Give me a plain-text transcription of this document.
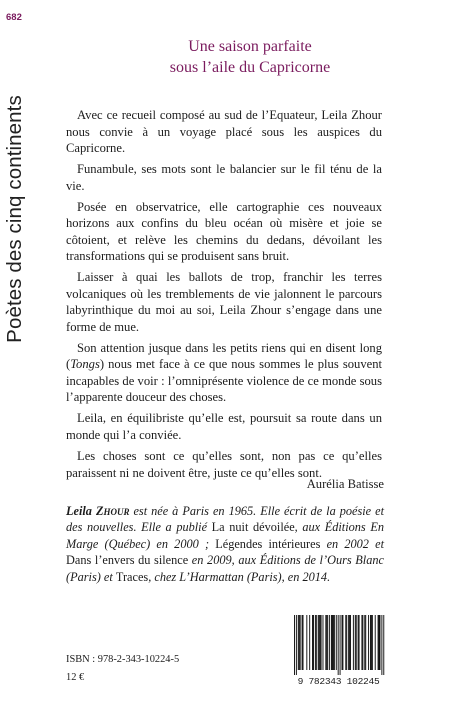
682
Poètes des cinq continents
Une saison parfaite
sous l’aile du Capricorne

Avec ce recueil composé au sud de l’Equateur, Leila Zhour nous convie à un voyage placé sous les auspices du Capricorne.

Funambule, ses mots sont le balancier sur le fil ténu de la vie.

Posée en observatrice, elle cartographie ces nouveaux horizons aux confins du bleu océan où misère et joie se côtoient, et relève les chemins du dedans, dévoilant les transformations qui se produisent sans bruit.

Laisser à quai les ballots de trop, franchir les terres volcaniques où les tremblements de vie jalonnent le parcours labyrinthique du moi au soi, Leila Zhour s’engage dans une forme de mue.

Son attention jusque dans les petits riens qui en disent long (Tongs) nous met face à ce que nous sommes le plus souvent incapables de voir : l’omniprésente violence de ce monde sous l’apparente douceur des choses.

Leila, en équilibriste qu’elle est, poursuit sa route dans un monde qui l’a conviée.

Les choses sont ce qu’elles sont, non pas ce qu’elles paraissent ni ne doivent être, juste ce qu’elles sont.

Aurélia Batisse

Leila Zhour est née à Paris en 1965. Elle écrit de la poésie et des nouvelles. Elle a publié La nuit dévoilée, aux Éditions En Marge (Québec) en 2000 ; Légendes intérieures en 2002 et Dans l’envers du silence en 2009, aux Éditions de l’Ours Blanc (Paris) et Traces, chez L’Harmattan (Paris), en 2014.

ISBN : 978-2-343-10224-5
12 €	9 782343 102245
